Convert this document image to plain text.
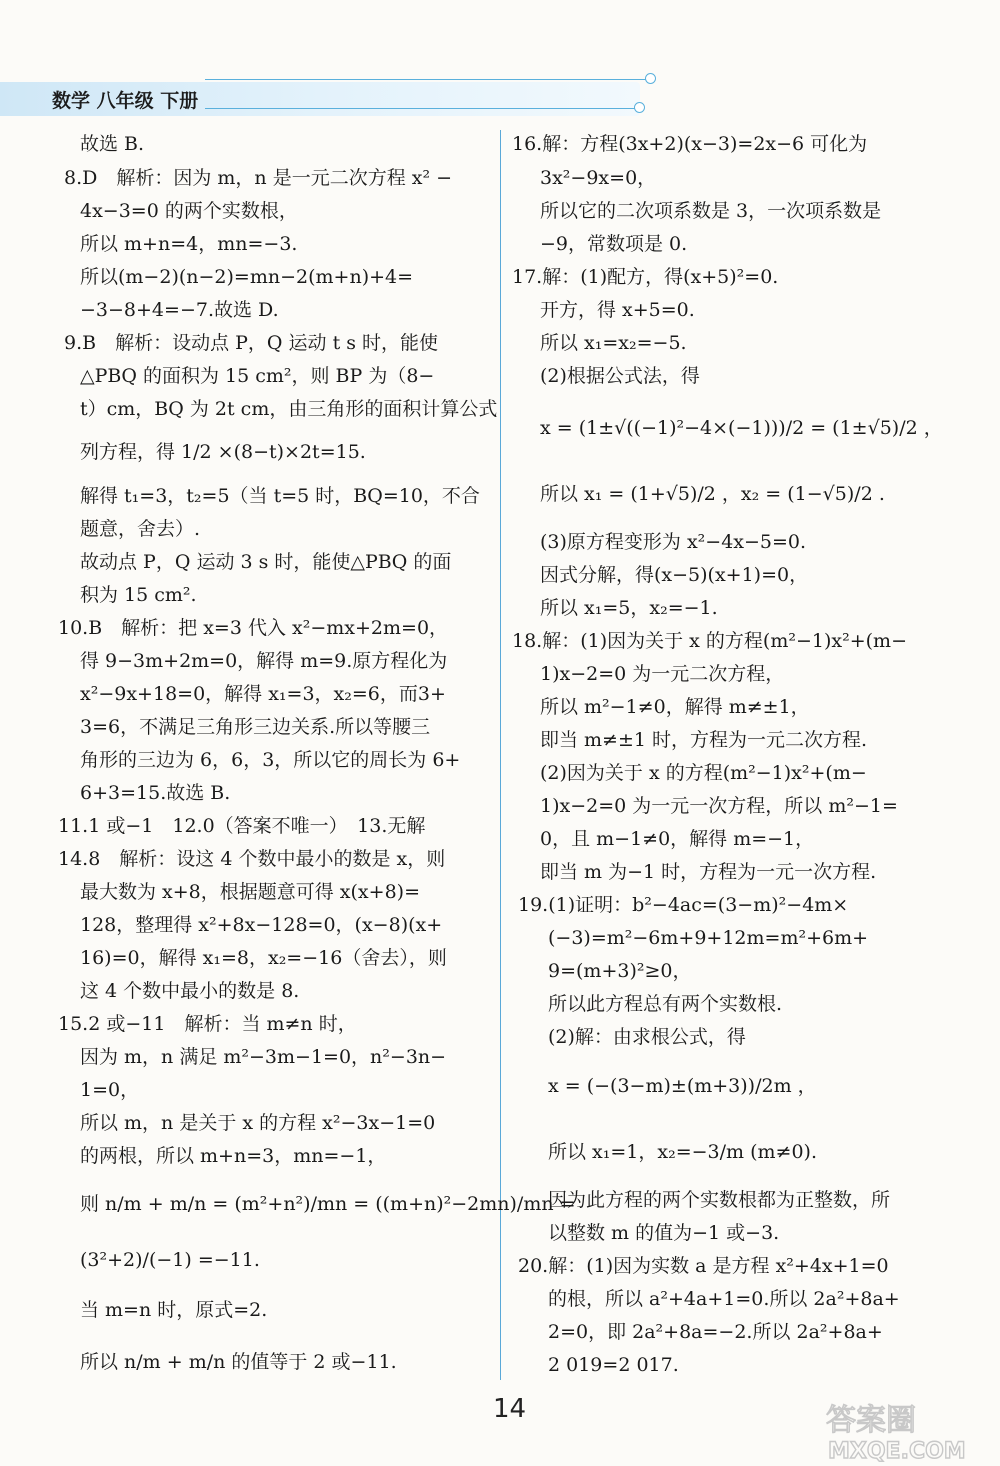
数学 八年级 下册
故选 B.
8.D　解析：因为 m，n 是一元二次方程 x² −
4x−3=0 的两个实数根，
所以 m+n=4，mn=−3.
所以(m−2)(n−2)=mn−2(m+n)+4=
−3−8+4=−7.故选 D.
9.B　解析：设动点 P，Q 运动 t s 时，能使
△PBQ 的面积为 15 cm²，则 BP 为（8−
t）cm，BQ 为 2t cm，由三角形的面积计算公式
列方程，得 1/2 ×(8−t)×2t=15.
解得 t₁=3，t₂=5（当 t=5 时，BQ=10，不合
题意，舍去）.
故动点 P，Q 运动 3 s 时，能使△PBQ 的面
积为 15 cm².
10.B　解析：把 x=3 代入 x²−mx+2m=0，
得 9−3m+2m=0，解得 m=9.原方程化为
x²−9x+18=0，解得 x₁=3，x₂=6，而3+
3=6，不满足三角形三边关系.所以等腰三
角形的三边为 6，6，3，所以它的周长为 6+
6+3=15.故选 B.
11.1 或−1　12.0（答案不唯一）　13.无解
14.8　解析：设这 4 个数中最小的数是 x，则
最大数为 x+8，根据题意可得 x(x+8)=
128，整理得 x²+8x−128=0，(x−8)(x+
16)=0，解得 x₁=8，x₂=−16（舍去），则
这 4 个数中最小的数是 8.
15.2 或−11　解析：当 m≠n 时，
因为 m，n 满足 m²−3m−1=0，n²−3n−
1=0，
所以 m，n 是关于 x 的方程 x²−3x−1=0
的两根，所以 m+n=3，mn=−1，
则 n/m + m/n = (m²+n²)/mn = ((m+n)²−2mn)/mn =
(3²+2)/(−1) =−11.
当 m=n 时，原式=2.
所以 n/m + m/n 的值等于 2 或−11.
16.解：方程(3x+2)(x−3)=2x−6 可化为
3x²−9x=0，
所以它的二次项系数是 3，一次项系数是
−9，常数项是 0.
17.解：(1)配方，得(x+5)²=0.
开方，得 x+5=0.
所以 x₁=x₂=−5.
(2)根据公式法，得
x = (1±√((−1)²−4×(−1)))/2 = (1±√5)/2 ，
所以 x₁ = (1+√5)/2 ，x₂ = (1−√5)/2 .
(3)原方程变形为 x²−4x−5=0.
因式分解，得(x−5)(x+1)=0，
所以 x₁=5，x₂=−1.
18.解：(1)因为关于 x 的方程(m²−1)x²+(m−
1)x−2=0 为一元二次方程，
所以 m²−1≠0，解得 m≠±1，
即当 m≠±1 时，方程为一元二次方程.
(2)因为关于 x 的方程(m²−1)x²+(m−
1)x−2=0 为一元一次方程，所以 m²−1=
0，且 m−1≠0，解得 m=−1，
即当 m 为−1 时，方程为一元一次方程.
19.(1)证明：b²−4ac=(3−m)²−4m×
(−3)=m²−6m+9+12m=m²+6m+
9=(m+3)²≥0，
所以此方程总有两个实数根.
(2)解：由求根公式，得
x = (−(3−m)±(m+3))/2m ，
所以 x₁=1，x₂=−3/m (m≠0).
因为此方程的两个实数根都为正整数，所
以整数 m 的值为−1 或−3.
20.解：(1)因为实数 a 是方程 x²+4x+1=0
的根，所以 a²+4a+1=0.所以 2a²+8a+
2=0，即 2a²+8a=−2.所以 2a²+8a+
2 019=2 017.
14	答案圈
MXQE.COM
